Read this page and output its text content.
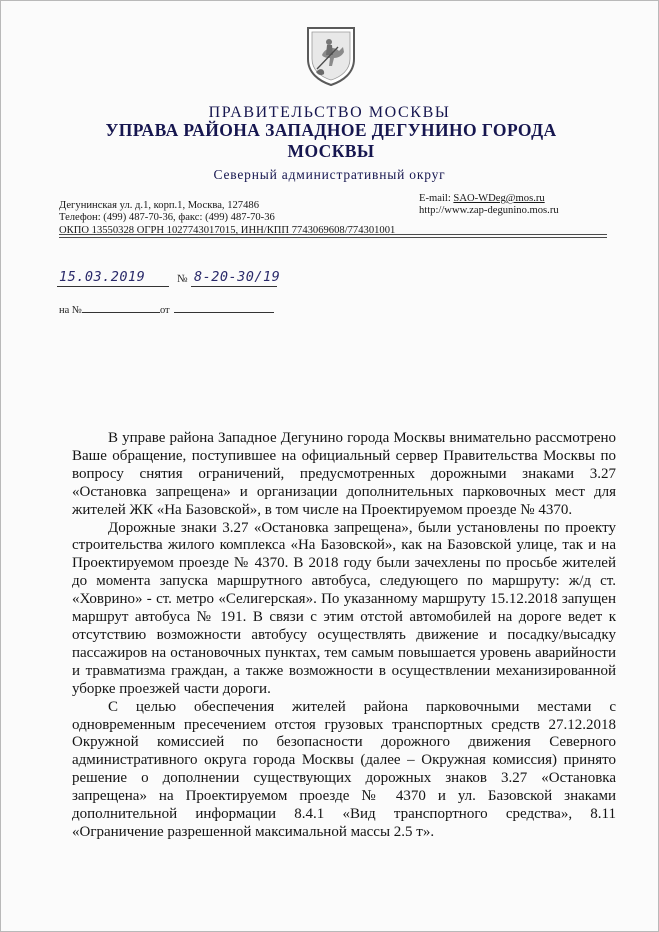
ПРАВИТЕЛЬСТВО МОСКВЫ
УПРАВА РАЙОНА ЗАПАДНОЕ ДЕГУНИНО ГОРОДА МОСКВЫ
Северный административный округ
Дегунинская ул. д.1, корп.1, Москва, 127486
Телефон: (499) 487-70-36, факс: (499) 487-70-36
ОКПО 13550328 ОГРН 1027743017015, ИНН/КПП 7743069608/774301001
E-mail: SAO-WDeg@mos.ru
http://www.zap-degunino.mos.ru
15.03.2019	№ 8-20-30/19
на №	от

В управе района Западное Дегунино города Москвы внимательно рассмотрено Ваше обращение, поступившее на официальный сервер Правительства Москвы по вопросу снятия ограничений, предусмотренных дорожными знаками 3.27 «Остановка запрещена» и организации дополнительных парковочных мест для жителей ЖК «На Базовской», в том числе на Проектируемом проезде № 4370.

Дорожные знаки 3.27 «Остановка запрещена», были установлены по проекту строительства жилого комплекса «На Базовской», как на Базовской улице, так и на Проектируемом проезде № 4370. В 2018 году были зачехлены по просьбе жителей до момента запуска маршрутного автобуса, следующего по маршруту: ж/д ст. «Ховрино» - ст. метро «Селигерская». По указанному маршруту 15.12.2018 запущен маршрут автобуса № 191. В связи с этим отстой автомобилей на дороге ведет к отсутствию возможности автобусу осуществлять движение и посадку/высадку пассажиров на остановочных пунктах, тем самым повышается уровень аварийности и травматизма граждан, а также возможности в осуществлении механизированной уборке проезжей части дороги.

С целью обеспечения жителей района парковочными местами с одновременным пресечением отстоя грузовых транспортных средств 27.12.2018 Окружной комиссией по безопасности дорожного движения Северного административного округа города Москвы (далее – Окружная комиссия) принято решение о дополнении существующих дорожных знаков 3.27 «Остановка запрещена» на Проектируемом проезде № 4370 и ул. Базовской знаками дополнительной информации 8.4.1 «Вид транспортного средства», 8.11 «Ограничение разрешенной максимальной массы 2.5 т».
